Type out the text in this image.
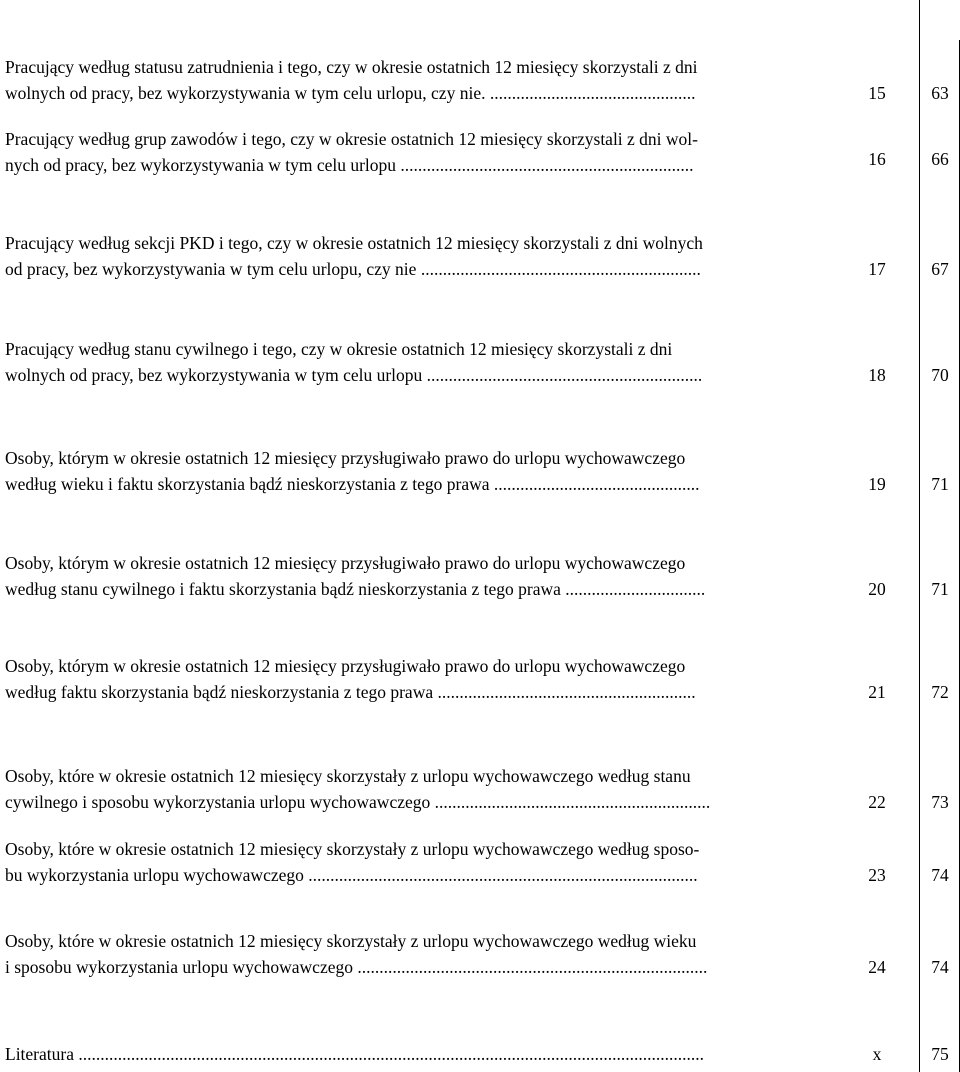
Pracujący według statusu zatrudnienia i tego, czy w okresie ostatnich 12 miesięcy skorzystali z dni
wolnych od pracy, bez wykorzystywania w tym celu urlopu, czy nie. ...............................................	15	63
Pracujący według grup zawodów i tego, czy w okresie ostatnich 12 miesięcy skorzystali z dni wol-
nych od pracy, bez wykorzystywania w tym celu urlopu ...................................................................	16	66
Pracujący według sekcji PKD i tego, czy w okresie ostatnich 12 miesięcy skorzystali z dni wolnych
od pracy, bez wykorzystywania w tym celu urlopu, czy nie ................................................................	17	67
Pracujący według stanu cywilnego i tego, czy w okresie ostatnich 12 miesięcy skorzystali z dni
wolnych od pracy, bez wykorzystywania w tym celu urlopu ...............................................................	18	70
Osoby, którym w okresie ostatnich 12 miesięcy przysługiwało prawo do urlopu wychowawczego
według wieku i faktu skorzystania bądź nieskorzystania z tego prawa ...............................................	19	71
Osoby, którym w okresie ostatnich 12 miesięcy przysługiwało prawo do urlopu wychowawczego
według stanu cywilnego i faktu skorzystania bądź nieskorzystania z tego prawa ................................	20	71
Osoby, którym w okresie ostatnich 12 miesięcy przysługiwało prawo do urlopu wychowawczego
według faktu skorzystania bądź nieskorzystania z tego prawa ...........................................................	21	72
Osoby, które w okresie ostatnich 12 miesięcy skorzystały z urlopu wychowawczego według stanu
cywilnego i sposobu wykorzystania urlopu wychowawczego ...............................................................	22	73
Osoby, które w okresie ostatnich 12 miesięcy skorzystały z urlopu wychowawczego według sposo-
bu wykorzystania urlopu wychowawczego .........................................................................................	23	74
Osoby, które w okresie ostatnich 12 miesięcy skorzystały z urlopu wychowawczego według wieku
i sposobu wykorzystania urlopu wychowawczego ................................................................................	24	74
Literatura ...............................................................................................................................................	x	75
